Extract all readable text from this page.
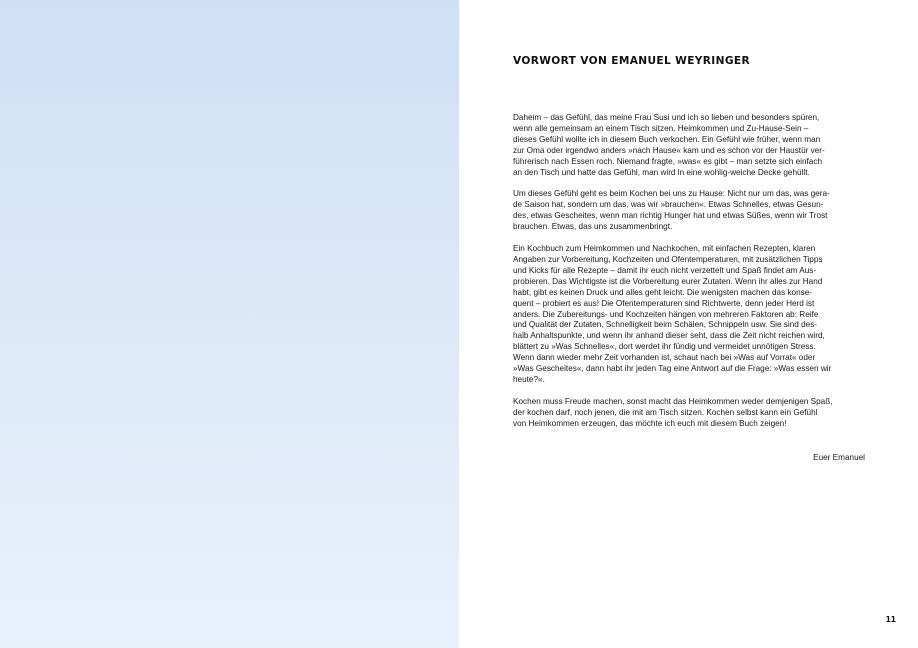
VORWORT VON EMANUEL WEYRINGER

Daheim – das Gefühl, das meine Frau Susi und ich so lieben und besonders spüren,
wenn alle gemeinsam an einem Tisch sitzen. Heimkommen und Zu-Hause-Sein –
dieses Gefühl wollte ich in diesem Buch verkochen. Ein Gefühl wie früher, wenn man
zur Oma oder irgendwo anders »nach Hause« kam und es schon vor der Haustür ver-
führerisch nach Essen roch. Niemand fragte, »was« es gibt – man setzte sich einfach
an den Tisch und hatte das Gefühl, man wird in eine wohlig-weiche Decke gehüllt.

Um dieses Gefühl geht es beim Kochen bei uns zu Hause: Nicht nur um das, was gera-
de Saison hat, sondern um das, was wir »brauchen«. Etwas Schnelles, etwas Gesun-
des, etwas Gescheites, wenn man richtig Hunger hat und etwas Süßes, wenn wir Trost
brauchen. Etwas, das uns zusammenbringt.

Ein Kochbuch zum Heimkommen und Nachkochen, mit einfachen Rezepten, klaren
Angaben zur Vorbereitung, Kochzeiten und Ofentemperaturen, mit zusätzlichen Tipps
und Kicks für alle Rezepte – damit ihr euch nicht verzettelt und Spaß findet am Aus-
probieren. Das Wichtigste ist die Vorbereitung eurer Zutaten. Wenn ihr alles zur Hand
habt, gibt es keinen Druck und alles geht leicht. Die wenigsten machen das konse-
quent – probiert es aus! Die Ofentemperaturen sind Richtwerte, denn jeder Herd ist
anders. Die Zubereitungs- und Kochzeiten hängen von mehreren Faktoren ab: Reife
und Qualität der Zutaten, Schnelligkeit beim Schälen, Schnippeln usw. Sie sind des-
halb Anhaltspunkte, und wenn ihr anhand dieser seht, dass die Zeit nicht reichen wird,
blättert zu »Was Schnelles«, dort werdet ihr fündig und vermeidet unnötigen Stress.
Wenn dann wieder mehr Zeit vorhanden ist, schaut nach bei »Was auf Vorrat« oder
»Was Gescheites«, dann habt ihr jeden Tag eine Antwort auf die Frage: »Was essen wir
heute?«.

Kochen muss Freude machen, sonst macht das Heimkommen weder demjenigen Spaß,
der kochen darf, noch jenen, die mit am Tisch sitzen. Kochen selbst kann ein Gefühl
von Heimkommen erzeugen, das möchte ich euch mit diesem Buch zeigen!

Euer Emanuel
11
